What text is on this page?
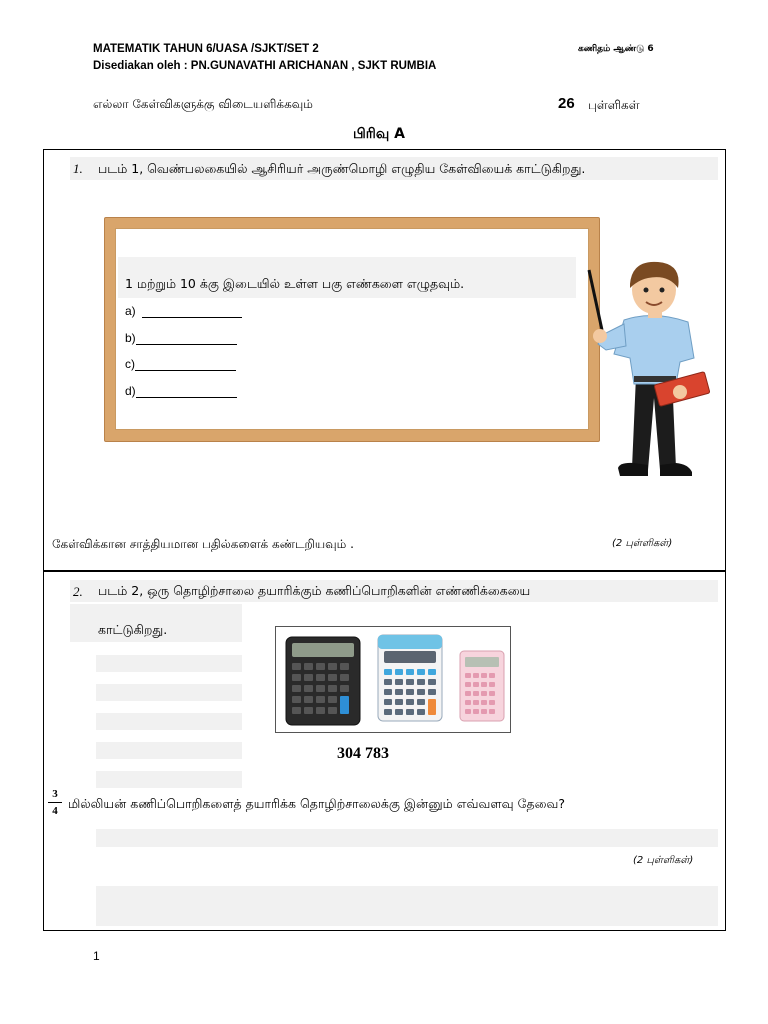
MATEMATIK TAHUN 6/UASA /SJKT/SET 2	கணிதம் ஆண்டு 6
Disediakan oleh : PN.GUNAVATHI ARICHANAN , SJKT RUMBIA
எல்லா கேள்விகளுக்கு விடையளிக்கவும்	26 புள்ளிகள்
பிரிவு A
1. படம் 1, வெண்பலகையில் ஆசிரியர் அருண்மொழி எழுதிய கேள்வியைக் காட்டுகிறது.
1 மற்றும் 10 க்கு இடையில் உள்ள பகு எண்களை எழுதவும்.
a)
b)
c)
d)
கேள்விக்கான சாத்தியமான பதில்களைக் கண்டறியவும் .	(2 புள்ளிகள்)
2. படம் 2, ஒரு தொழிற்சாலை தயாரிக்கும் கணிப்பொறிகளின் எண்ணிக்கையை
காட்டுகிறது.
304 783
3
4 மில்லியன் கணிப்பொறிகளைத் தயாரிக்க தொழிற்சாலைக்கு இன்னும் எவ்வளவு தேவை?
(2 புள்ளிகள்)
1
